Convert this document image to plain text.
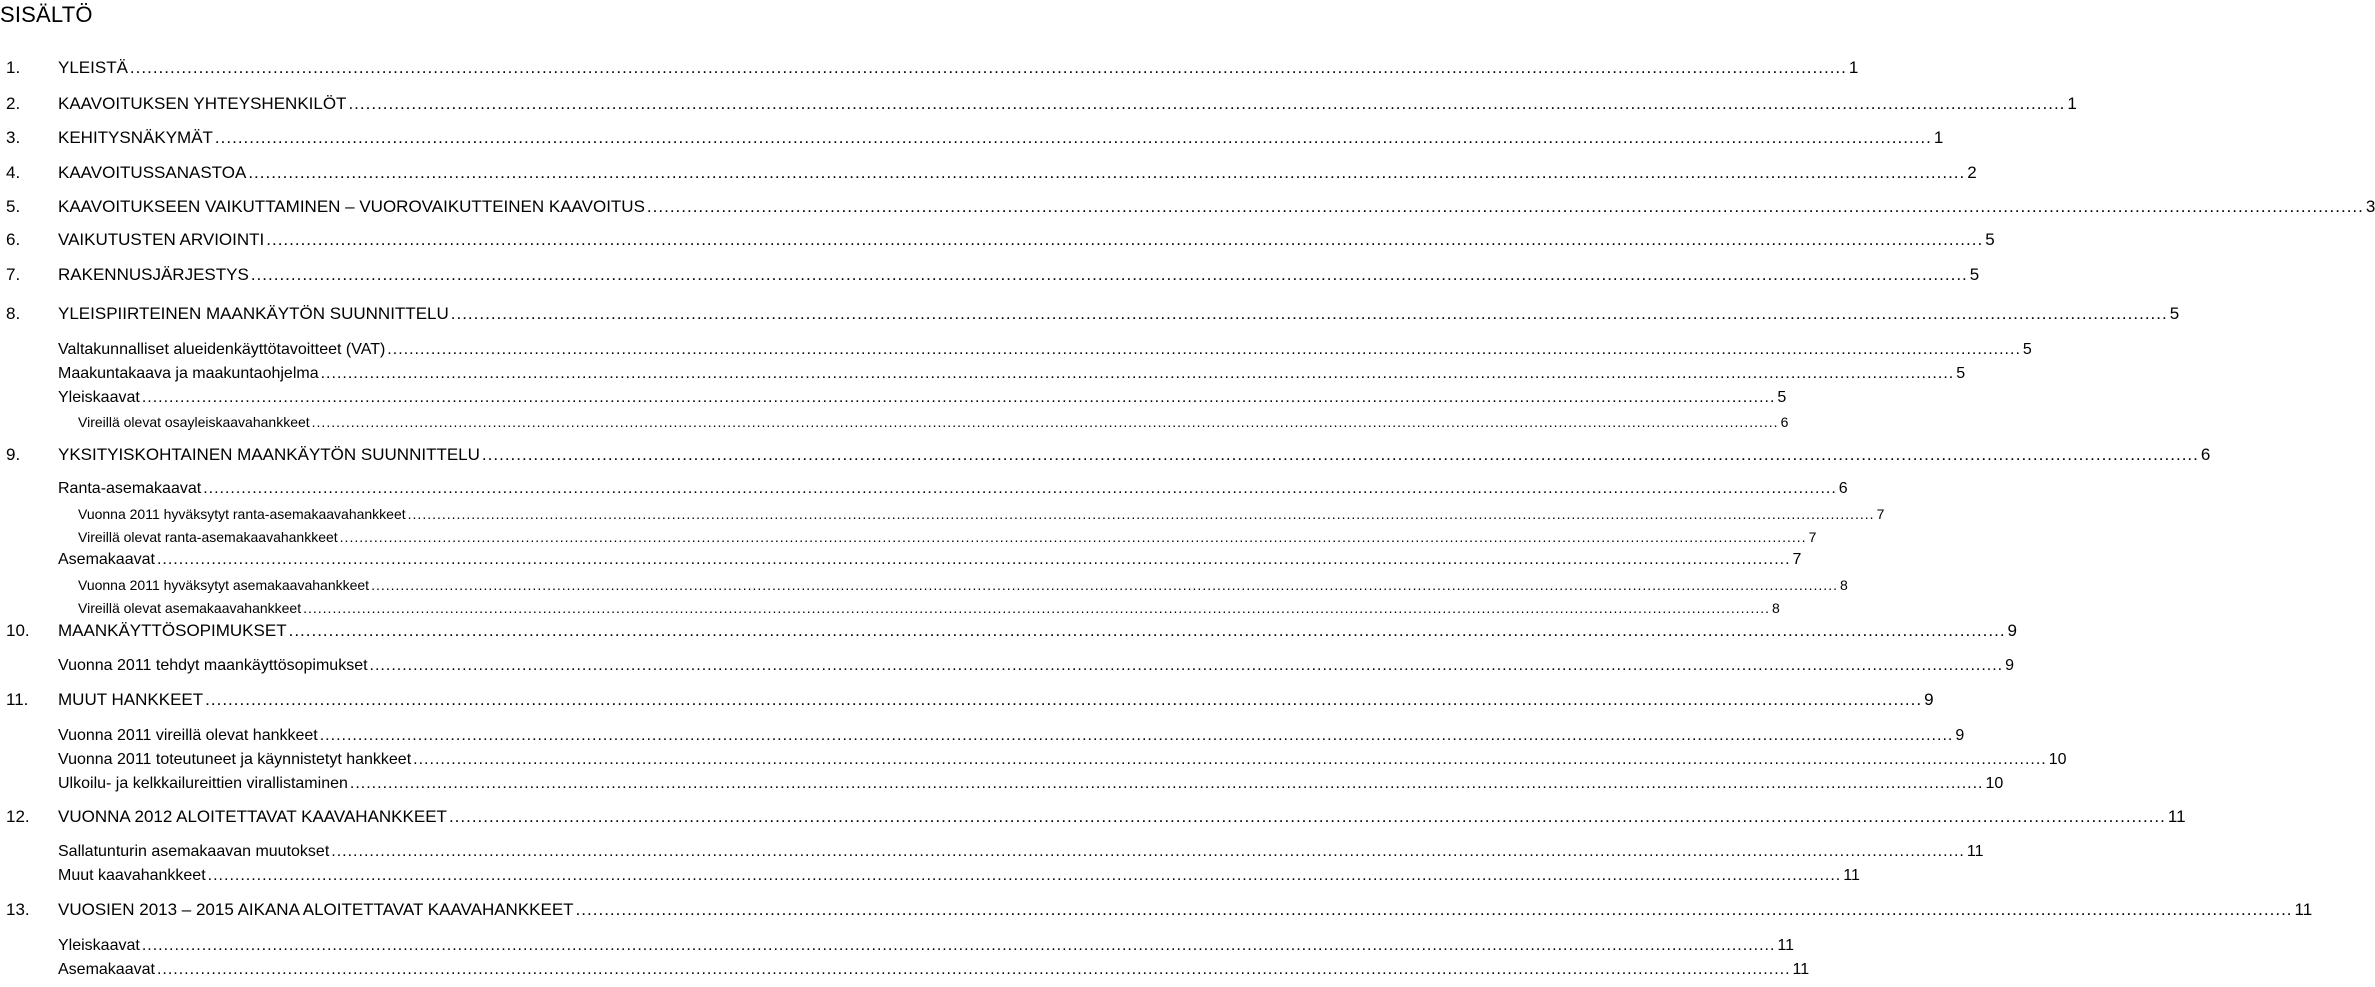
SISÄLTÖ
1. YLEISTÄ ............................................................................................................................................................................................................................................................................................................ 1
2. KAAVOITUKSEN YHTEYSHENKILÖT ............................................................................................................................................................................................................................................................................................................ 1
3. KEHITYSNÄKYMÄT ............................................................................................................................................................................................................................................................................................................ 1
4. KAAVOITUSSANASTOA ............................................................................................................................................................................................................................................................................................................ 2
5. KAAVOITUKSEEN VAIKUTTAMINEN – VUOROVAIKUTTEINEN KAAVOITUS ............................................................................................................................................................................................................................................................................................................ 3
6. VAIKUTUSTEN ARVIOINTI ............................................................................................................................................................................................................................................................................................................ 5
7. RAKENNUSJÄRJESTYS ............................................................................................................................................................................................................................................................................................................ 5
8. YLEISPIIRTEINEN MAANKÄYTÖN SUUNNITTELU ............................................................................................................................................................................................................................................................................................................ 5
Valtakunnalliset alueidenkäyttötavoitteet (VAT) ............................................................................................................................................................................................................................................................................................................ 5
Maakuntakaava ja maakuntaohjelma ............................................................................................................................................................................................................................................................................................................ 5
Yleiskaavat ............................................................................................................................................................................................................................................................................................................ 5
Vireillä olevat osayleiskaavahankkeet ............................................................................................................................................................................................................................................................................................................ 6
9. YKSITYISKOHTAINEN MAANKÄYTÖN SUUNNITTELU ............................................................................................................................................................................................................................................................................................................ 6
Ranta-asemakaavat ............................................................................................................................................................................................................................................................................................................ 6
Vuonna 2011 hyväksytyt ranta-asemakaavahankkeet ............................................................................................................................................................................................................................................................................................................ 7
Vireillä olevat ranta-asemakaavahankkeet ............................................................................................................................................................................................................................................................................................................ 7
Asemakaavat ............................................................................................................................................................................................................................................................................................................ 7
Vuonna 2011 hyväksytyt asemakaavahankkeet ............................................................................................................................................................................................................................................................................................................ 8
Vireillä olevat asemakaavahankkeet ............................................................................................................................................................................................................................................................................................................ 8
10. MAANKÄYTTÖSOPIMUKSET ............................................................................................................................................................................................................................................................................................................ 9
Vuonna 2011 tehdyt maankäyttösopimukset ............................................................................................................................................................................................................................................................................................................ 9
11. MUUT HANKKEET ............................................................................................................................................................................................................................................................................................................ 9
Vuonna 2011 vireillä olevat hankkeet ............................................................................................................................................................................................................................................................................................................ 9
Vuonna 2011 toteutuneet ja käynnistetyt hankkeet ............................................................................................................................................................................................................................................................................................................ 10
Ulkoilu- ja kelkkailureittien virallistaminen ............................................................................................................................................................................................................................................................................................................ 10
12. VUONNA 2012 ALOITETTAVAT KAAVAHANKKEET ............................................................................................................................................................................................................................................................................................................ 11
Sallatunturin asemakaavan muutokset ............................................................................................................................................................................................................................................................................................................ 11
Muut kaavahankkeet ............................................................................................................................................................................................................................................................................................................ 11
13. VUOSIEN 2013 – 2015 AIKANA ALOITETTAVAT KAAVAHANKKEET ............................................................................................................................................................................................................................................................................................................ 11
Yleiskaavat ............................................................................................................................................................................................................................................................................................................ 11
Asemakaavat ............................................................................................................................................................................................................................................................................................................ 11
